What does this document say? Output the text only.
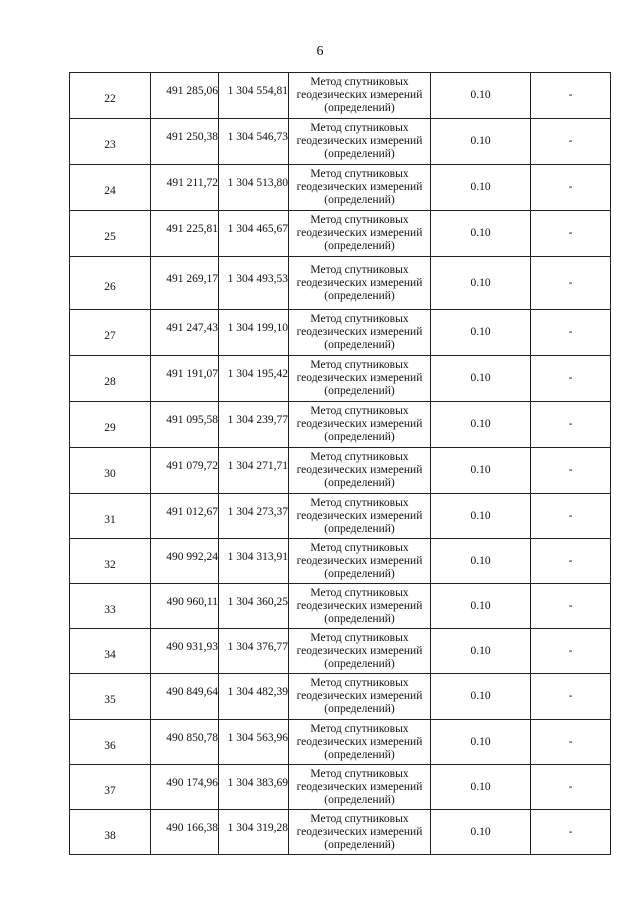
6
22	491 285,06	1 304 554,81	Метод спутниковых
геодезических измерений
(определений)	0.10	-

23	491 250,38	1 304 546,73	Метод спутниковых
геодезических измерений
(определений)	0.10	-

24	491 211,72	1 304 513,80	Метод спутниковых
геодезических измерений
(определений)	0.10	-

25	491 225,81	1 304 465,67	Метод спутниковых
геодезических измерений
(определений)	0.10	-

26	491 269,17	1 304 493,53	Метод спутниковых
геодезических измерений
(определений)	0.10	-

27	491 247,43	1 304 199,10	Метод спутниковых
геодезических измерений
(определений)	0.10	-

28	491 191,07	1 304 195,42	Метод спутниковых
геодезических измерений
(определений)	0.10	-

29	491 095,58	1 304 239,77	Метод спутниковых
геодезических измерений
(определений)	0.10	-

30	491 079,72	1 304 271,71	Метод спутниковых
геодезических измерений
(определений)	0.10	-

31	491 012,67	1 304 273,37	Метод спутниковых
геодезических измерений
(определений)	0.10	-

32	490 992,24	1 304 313,91	Метод спутниковых
геодезических измерений
(определений)	0.10	-

33	490 960,11	1 304 360,25	Метод спутниковых
геодезических измерений
(определений)	0.10	-

34	490 931,93	1 304 376,77	Метод спутниковых
геодезических измерений
(определений)	0.10	-

35	490 849,64	1 304 482,39	Метод спутниковых
геодезических измерений
(определений)	0.10	-

36	490 850,78	1 304 563,96	Метод спутниковых
геодезических измерений
(определений)	0.10	-

37	490 174,96	1 304 383,69	Метод спутниковых
геодезических измерений
(определений)	0.10	-

38	490 166,38	1 304 319,28	Метод спутниковых
геодезических измерений
(определений)	0.10	-
